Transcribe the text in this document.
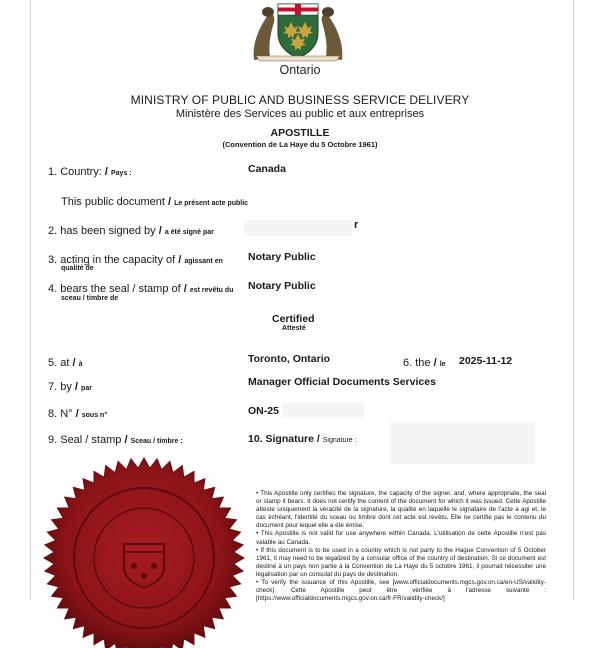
Ontario
MINISTRY OF PUBLIC AND BUSINESS SERVICE DELIVERY
Ministère des Services au public et aux entreprises
APOSTILLE
(Convention de La Haye du 5 Octobre 1961)
1. Country: / Pays :	Canada
This public document / Le présent acte public
2. has been signed by / a été signé par
r
3. acting in the capacity of / agissant en
qualité de
Notary Public
4. bears the seal / stamp of / est revêtu du
sceau / timbre de
Notary Public
Certified
Attesté
5. at / à	Toronto, Ontario	6. the / le 2025-11-12
7. by / par
Manager Official Documents Services
8. N° / sous n°	ON-25
9. Seal / stamp / Sceau / timbre :	10. Signature / Signature :

• This Apostille only certifies the signature, the capacity of the signer, and, where appropriate, the seal or stamp it bears. It does not certify the content of the document for which it was issued. Cette Apostille atteste uniquement la véracité de la signature, la qualité en laquelle le signataire de l'acte a agi et, le cas échéant, l'identité du sceau ou timbre dont cet acte est revêtu. Elle ne certifie pas le contenu du document pour lequel elle a été émise.

• This Apostille is not valid for use anywhere within Canada. L'utilisation de cette Apostille n'est pas valable au Canada.

• If this document is to be used in a country which is not party to the Hague Convention of 5 October 1961, it may need to be legalized by a consular office of the country of destination. Si ce document est destiné à un pays non partie à la Convention de La Haye du 5 octobre 1961, il pourrait nécessiter une légalisation par un consulat du pays de destination.

• To verify the issuance of this Apostille, see [www.officialdocuments.mgcs.gov.on.ca/en-US/validity-check]. Cette Apostille peut être vérifiée à l'adresse suivante : [https://www.officialdocuments.mgcs.gov.on.ca/fr-FR/validity-check/]
